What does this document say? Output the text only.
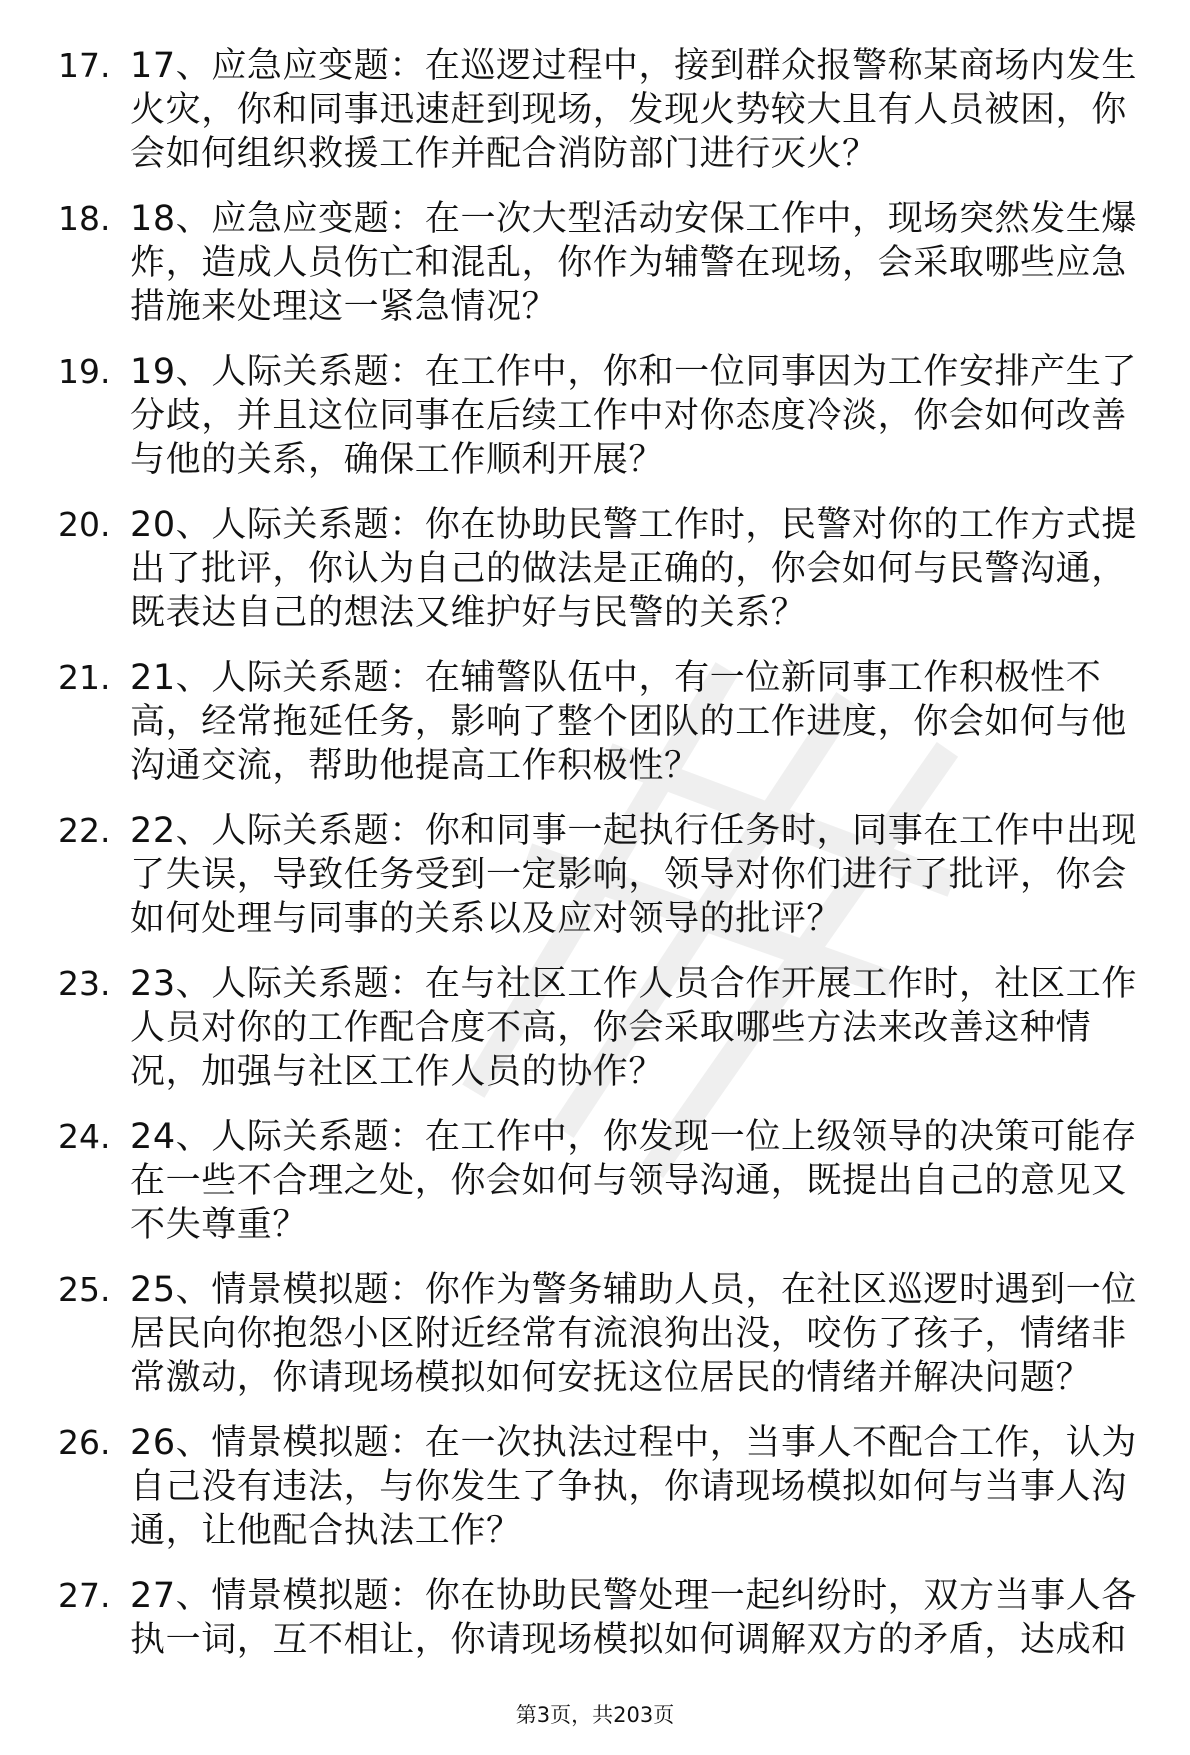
17. 17、应急应变题：在巡逻过程中，接到群众报警称某商场内发生火灾，你和同事迅速赶到现场，发现火势较大且有人员被困，你会如何组织救援工作并配合消防部门进行灭火？
18. 18、应急应变题：在一次大型活动安保工作中，现场突然发生爆炸，造成人员伤亡和混乱，你作为辅警在现场，会采取哪些应急措施来处理这一紧急情况？
19. 19、人际关系题：在工作中，你和一位同事因为工作安排产生了分歧，并且这位同事在后续工作中对你态度冷淡，你会如何改善与他的关系，确保工作顺利开展？
20. 20、人际关系题：你在协助民警工作时，民警对你的工作方式提出了批评，你认为自己的做法是正确的，你会如何与民警沟通，既表达自己的想法又维护好与民警的关系？
21. 21、人际关系题：在辅警队伍中，有一位新同事工作积极性不高，经常拖延任务，影响了整个团队的工作进度，你会如何与他沟通交流，帮助他提高工作积极性？
22. 22、人际关系题：你和同事一起执行任务时，同事在工作中出现了失误，导致任务受到一定影响，领导对你们进行了批评，你会如何处理与同事的关系以及应对领导的批评？
23. 23、人际关系题：在与社区工作人员合作开展工作时，社区工作人员对你的工作配合度不高，你会采取哪些方法来改善这种情况，加强与社区工作人员的协作？
24. 24、人际关系题：在工作中，你发现一位上级领导的决策可能存在一些不合理之处，你会如何与领导沟通，既提出自己的意见又不失尊重？
25. 25、情景模拟题：你作为警务辅助人员，在社区巡逻时遇到一位居民向你抱怨小区附近经常有流浪狗出没，咬伤了孩子，情绪非常激动，你请现场模拟如何安抚这位居民的情绪并解决问题？
26. 26、情景模拟题：在一次执法过程中，当事人不配合工作，认为自己没有违法，与你发生了争执，你请现场模拟如何与当事人沟通，让他配合执法工作？
27. 27、情景模拟题：你在协助民警处理一起纠纷时，双方当事人各执一词，互不相让，你请现场模拟如何调解双方的矛盾，达成和
第3页，共203页
